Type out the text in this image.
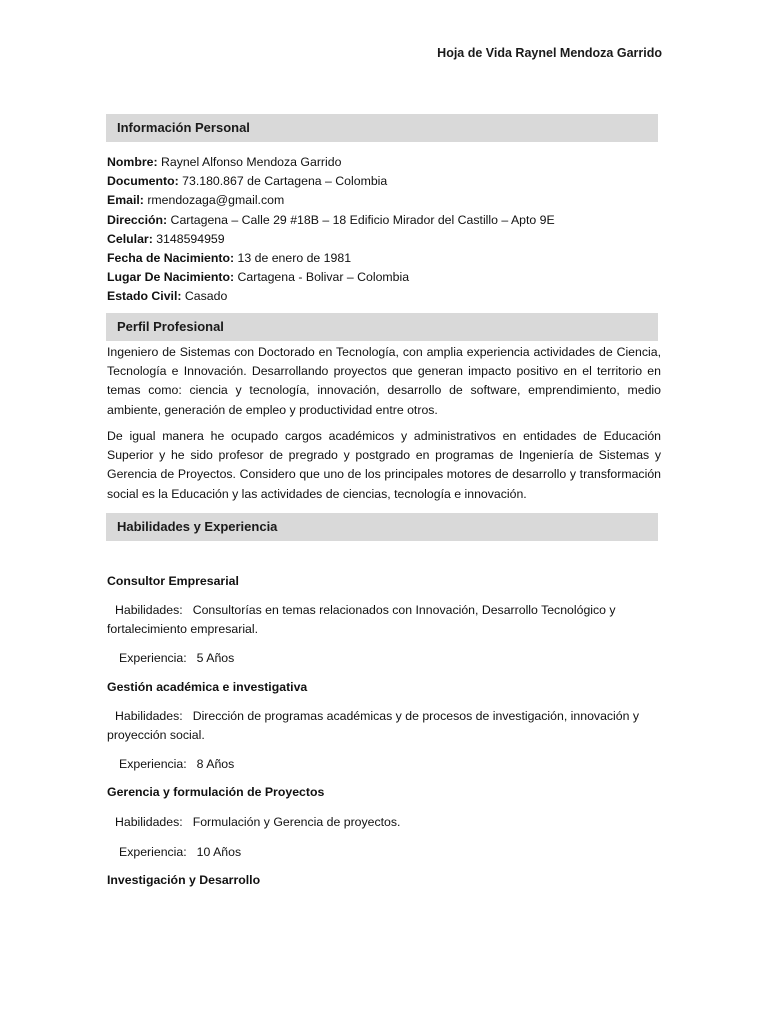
Hoja de Vida Raynel Mendoza Garrido
Información Personal
Nombre: Raynel Alfonso Mendoza Garrido
Documento: 73.180.867 de Cartagena – Colombia
Email: rmendozaga@gmail.com
Dirección: Cartagena – Calle 29 #18B – 18 Edificio Mirador del Castillo – Apto 9E
Celular: 3148594959
Fecha de Nacimiento: 13 de enero de 1981
Lugar De Nacimiento: Cartagena - Bolivar – Colombia
Estado Civil: Casado
Perfil Profesional
Ingeniero de Sistemas con Doctorado en Tecnología, con amplia experiencia actividades de Ciencia, Tecnología e Innovación. Desarrollando proyectos que generan impacto positivo en el territorio en temas como: ciencia y tecnología, innovación, desarrollo de software, emprendimiento, medio ambiente, generación de empleo y productividad entre otros.
De igual manera he ocupado cargos académicos y administrativos en entidades de Educación Superior y he sido profesor de pregrado y postgrado en programas de Ingeniería de Sistemas y Gerencia de Proyectos. Considero que uno de los principales motores de desarrollo y transformación social es la Educación y las actividades de ciencias, tecnología e innovación.
Habilidades y Experiencia
Consultor Empresarial
Habilidades: Consultorías en temas relacionados con Innovación, Desarrollo Tecnológico y fortalecimiento empresarial.
Experiencia: 5 Años
Gestión académica e investigativa
Habilidades: Dirección de programas académicas y de procesos de investigación, innovación y proyección social.
Experiencia: 8 Años
Gerencia y formulación de Proyectos
Habilidades: Formulación y Gerencia de proyectos.
Experiencia: 10 Años
Investigación y Desarrollo
